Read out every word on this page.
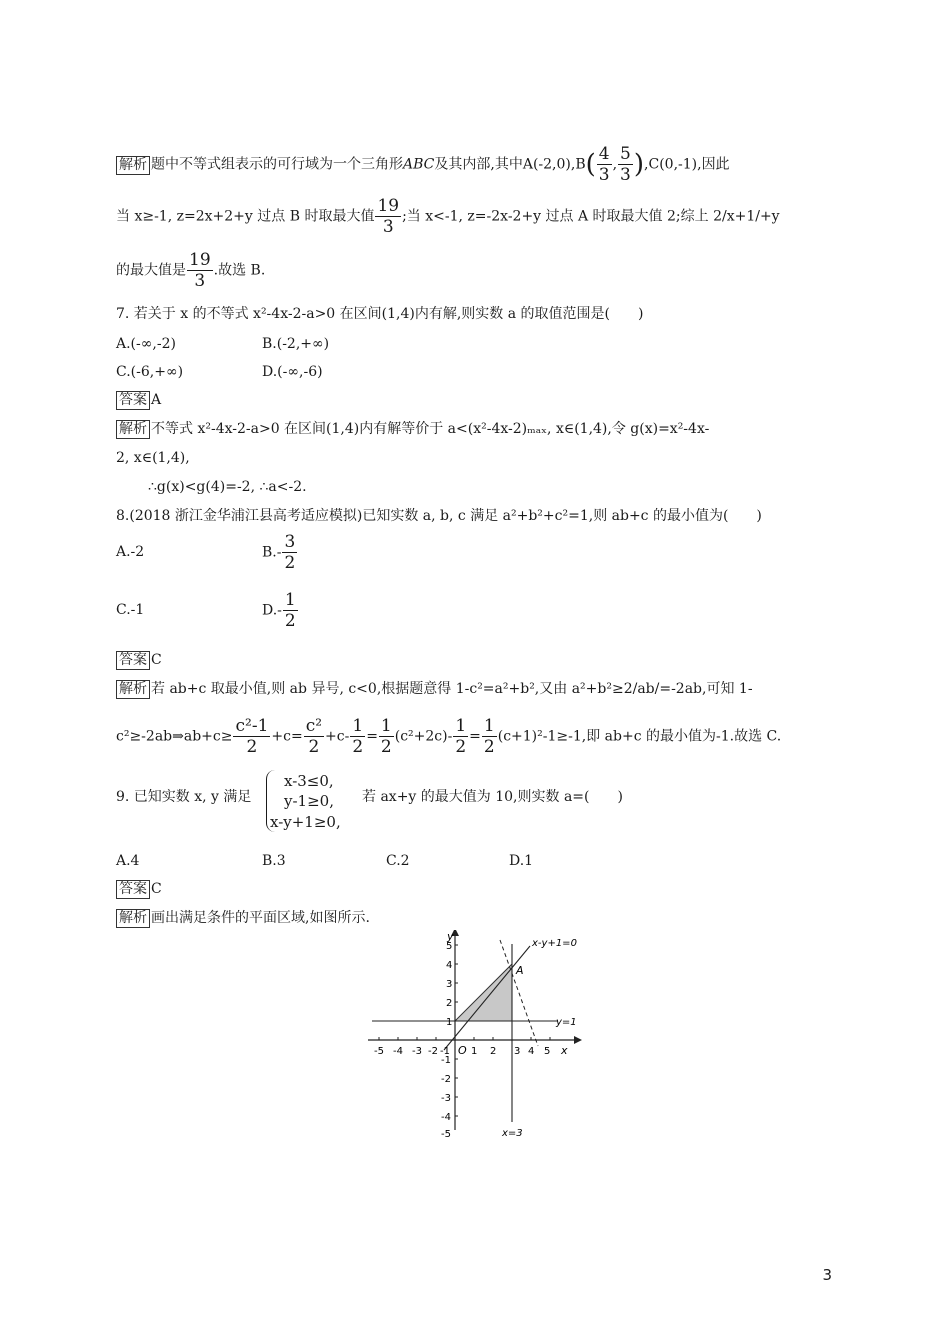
解析 题中不等式组表示的可行域为一个三角形ABC及其内部,其中$A(-2,0),B( \frac{4}{3}$ , $\frac{5}{3} ),C(0,-1)$,因此
当 x≥-1, z=2x+2+y 过点 B 时取最大值 $\frac{19}{3}$ ;当 x<-1, z=-2x-2+y 过点 A 时取最大值 2;综上 2/x+1/+y
的最大值是 $\frac{19}{3}$ .故选 B.
7. 若关于 x 的不等式 x²-4x-2-a>0 在区间(1,4)内有解,则实数 a 的取值范围是(　　)
A.(-∞,-2)	B.(-2,+∞)
C.(-6,+∞)	D.(-∞,-6)
答案 A
解析 不等式 x²-4x-2-a>0 在区间(1,4)内有解等价于 a<(x²-4x-2)ₘₐₓ, x∈(1,4),令 g(x)=x²-4x-
2, x∈(1,4),
∴g(x)<g(4)=-2, ∴a<-2.
8.(2018 浙江金华浦江县高考适应模拟)已知实数 a, b, c 满足 a²+b²+c²=1,则 ab+c 的最小值为(　　)
A.-2	$B.- \frac{3}{2}$
C.-1	$D.- \frac{1}{2}$
答案 C
解析 若 ab+c 取最小值,则 ab 异号, c<0,根据题意得 1-c²=a²+b²,又由 a²+b²≥2/ab/=-2ab,可知 1-
c²≥-2ab⇒ab+c≥ $\frac{\text{c²-1}}{2} +c= \frac{\text{c²}}{2} +c- \frac{1}{2} = \frac{1}{2} (c^2+2c)- \frac{1}{2} = \frac{1}{2} (c+1)^2-1\ge-1$,即 ab+c 的最小值为-1.故选 C.
9. 已知实数 x, y 满足
x-3≤0,
y-1≥0,
x-y+1≥0,
若 ax+y 的最大值为 10,则实数 a=(　　)
A.4	B.3	C.2	D.1
答案 C
解析 画出满足条件的平面区域,如图所示.
-5 -4 -3 -2 -1 1 2 3 4 5
5
4
3
2
1
-1
-2
-3
-4
-5
O	x
y
x-y+1=0
y=1
x=3
A
3
